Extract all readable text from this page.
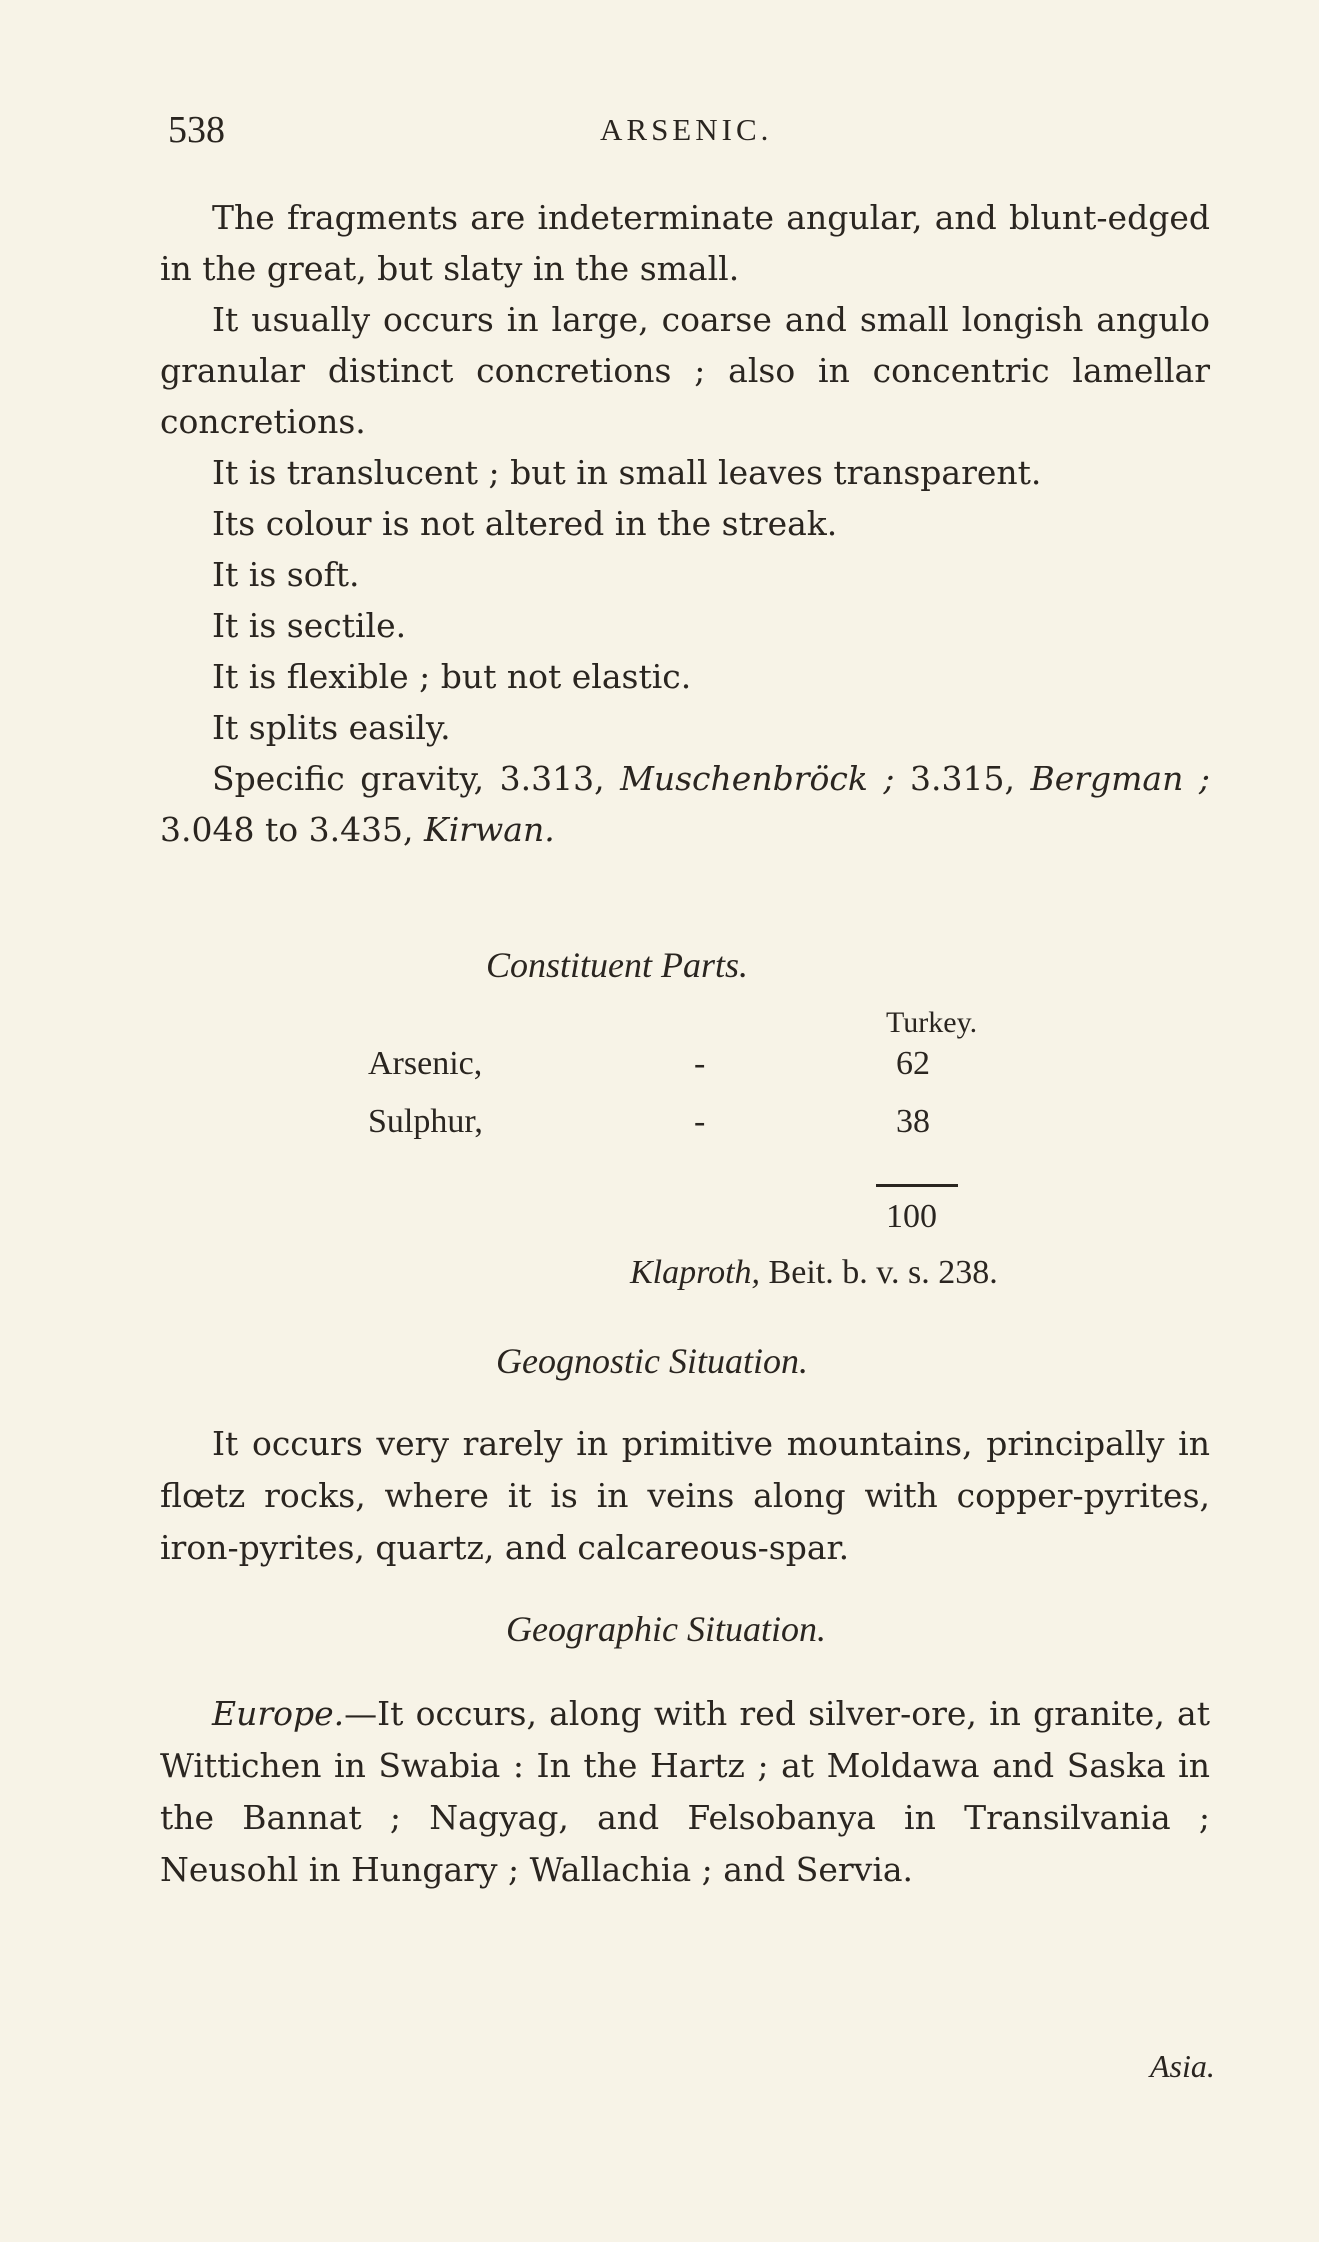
538	ARSENIC.

The fragments are indeterminate angular, and blunt-edged in the great, but slaty in the small.

It usually occurs in large, coarse and small longish angulo granular distinct concretions ; also in concentric lamellar concretions.

It is translucent ; but in small leaves transparent.

Its colour is not altered in the streak.

It is soft.

It is sectile.

It is flexible ; but not elastic.

It splits easily.

Specific gravity, 3.313, Muschenbröck ; 3.315, Bergman ; 3.048 to 3.435, Kirwan.

Constituent Parts.
Turkey.
Arsenic,	-	62
Sulphur,	-	38
100
Klaproth, Beit. b. v. s. 238.
Geognostic Situation.

It occurs very rarely in primitive mountains, principally in flœtz rocks, where it is in veins along with copper-pyrites, iron-pyrites, quartz, and calcareous-spar.

Geographic Situation.

Europe.—It occurs, along with red silver-ore, in granite, at Wittichen in Swabia : In the Hartz ; at Moldawa and Saska in the Bannat ; Nagyag, and Felsobanya in Transilvania ; Neusohl in Hungary ; Wallachia ; and Servia.

Asia.
